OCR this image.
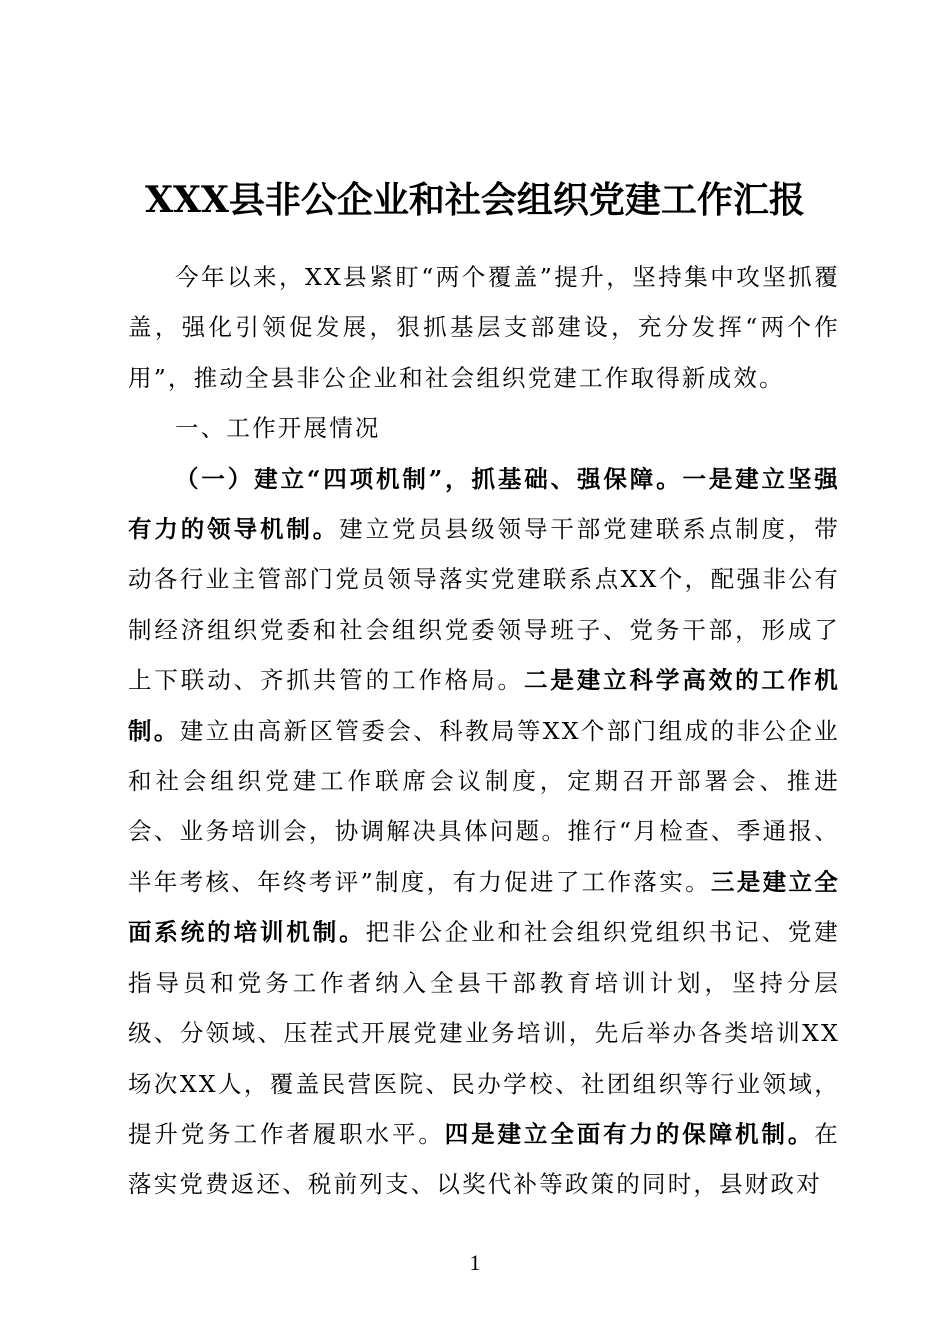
XXX县非公企业和社会组织党建工作汇报

今年以来，XX县紧盯“两个覆盖”提升，坚持集中攻坚抓覆盖，强化引领促发展，狠抓基层支部建设，充分发挥“两个作用”，推动全县非公企业和社会组织党建工作取得新成效。

一、工作开展情况

（一）建立“四项机制”，抓基础、强保障。一是建立坚强有力的领导机制。建立党员县级领导干部党建联系点制度，带动各行业主管部门党员领导落实党建联系点XX个，配强非公有制经济组织党委和社会组织党委领导班子、党务干部，形成了上下联动、齐抓共管的工作格局。二是建立科学高效的工作机制。建立由高新区管委会、科教局等XX个部门组成的非公企业和社会组织党建工作联席会议制度，定期召开部署会、推进会、业务培训会，协调解决具体问题。推行“月检查、季通报、半年考核、年终考评”制度，有力促进了工作落实。三是建立全面系统的培训机制。把非公企业和社会组织党组织书记、党建指导员和党务工作者纳入全县干部教育培训计划，坚持分层级、分领域、压茬式开展党建业务培训，先后举办各类培训XX场次XX人，覆盖民营医院、民办学校、社团组织等行业领域，提升党务工作者履职水平。四是建立全面有力的保障机制。在落实党费返还、税前列支、以奖代补等政策的同时，县财政对

1
